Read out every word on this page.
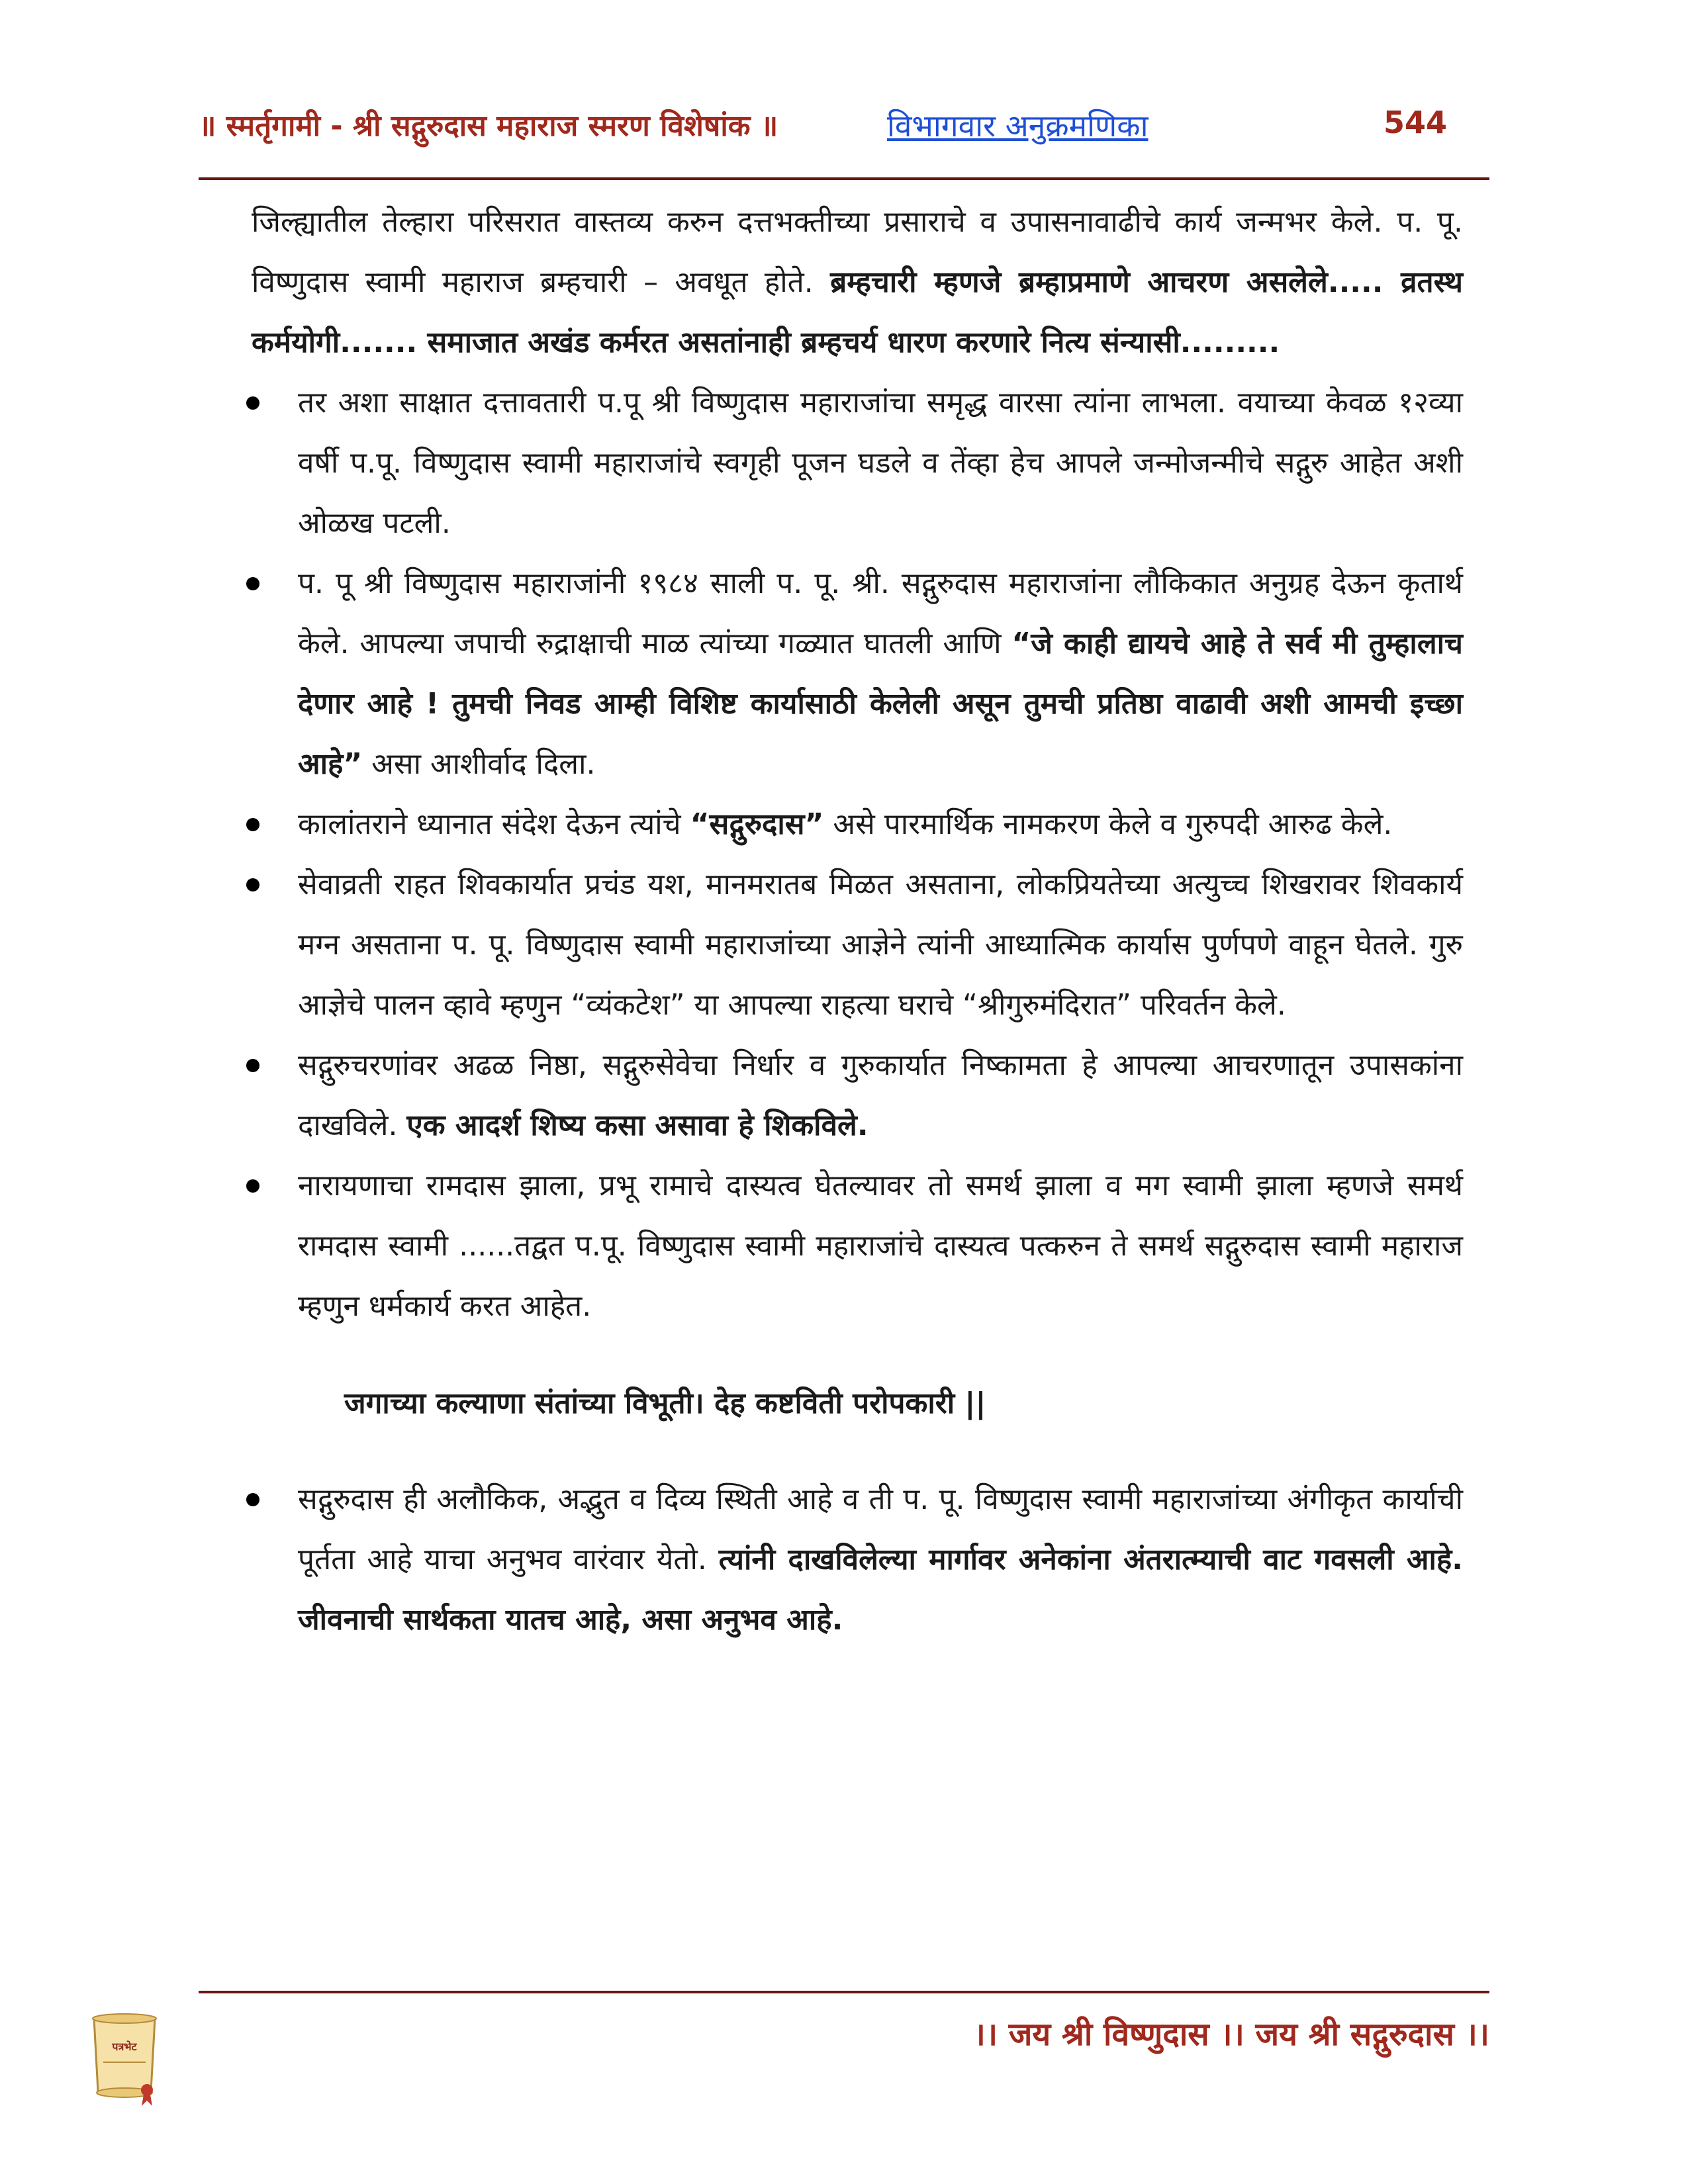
॥ स्मर्तृगामी - श्री सद्गुरुदास महाराज स्मरण विशेषांक ॥	विभागवार अनुक्रमणिका	544

जिल्ह्यातील तेल्हारा परिसरात वास्तव्य करुन दत्तभक्तीच्या प्रसाराचे व उपासनावाढीचे कार्य जन्मभर केले. प. पू. विष्णुदास स्वामी महाराज ब्रम्हचारी – अवधूत होते. ब्रम्हचारी म्हणजे ब्रम्हाप्रमाणे आचरण असलेले..... व्रतस्थ कर्मयोगी....... समाजात अखंड कर्मरत असतांनाही ब्रम्हचर्य धारण करणारे नित्य संन्यासी.........

तर अशा साक्षात दत्तावतारी प.पू श्री विष्णुदास महाराजांचा समृद्ध वारसा त्यांना लाभला. वयाच्या केवळ १२व्या वर्षी प.पू. विष्णुदास स्वामी महाराजांचे स्वगृही पूजन घडले व तेंव्हा हेच आपले जन्मोजन्मीचे सद्गुरु आहेत अशी ओळख पटली.

प. पू श्री विष्णुदास महाराजांनी १९८४ साली प. पू. श्री. सद्गुरुदास महाराजांना लौकिकात अनुग्रह देऊन कृतार्थ केले. आपल्या जपाची रुद्राक्षाची माळ त्यांच्या गळ्यात घातली आणि “जे काही द्यायचे आहे ते सर्व मी तुम्हालाच देणार आहे ! तुमची निवड आम्ही विशिष्ट कार्यासाठी केलेली असून तुमची प्रतिष्ठा वाढावी अशी आमची इच्छा आहे” असा आशीर्वाद दिला.

कालांतराने ध्यानात संदेश देऊन त्यांचे “सद्गुरुदास” असे पारमार्थिक नामकरण केले व गुरुपदी आरुढ केले.

सेवाव्रती राहत शिवकार्यात प्रचंड यश, मानमरातब मिळत असताना, लोकप्रियतेच्या अत्युच्च शिखरावर शिवकार्य मग्न असताना प. पू. विष्णुदास स्वामी महाराजांच्या आज्ञेने त्यांनी आध्यात्मिक कार्यास पुर्णपणे वाहून घेतले. गुरु आज्ञेचे पालन व्हावे म्हणुन “व्यंकटेश” या आपल्या राहत्या घराचे “श्रीगुरुमंदिरात” परिवर्तन केले.

सद्गुरुचरणांवर अढळ निष्ठा, सद्गुरुसेवेचा निर्धार व गुरुकार्यात निष्कामता हे आपल्या आचरणातून उपासकांना दाखविले. एक आदर्श शिष्य कसा असावा हे शिकविले.

नारायणाचा रामदास झाला, प्रभू रामाचे दास्यत्व घेतल्यावर तो समर्थ झाला व मग स्वामी झाला म्हणजे समर्थ रामदास स्वामी ......तद्वत प.पू. विष्णुदास स्वामी महाराजांचे दास्यत्व पत्करुन ते समर्थ सद्गुरुदास स्वामी महाराज म्हणुन धर्मकार्य करत आहेत.

जगाच्या कल्याणा संतांच्या विभूती। देह कष्टविती परोपकारी ||

सद्गुरुदास ही अलौकिक, अद्भुत व दिव्य स्थिती आहे व ती प. पू. विष्णुदास स्वामी महाराजांच्या अंगीकृत कार्याची पूर्तता आहे याचा अनुभव वारंवार येतो. त्यांनी दाखविलेल्या मार्गावर अनेकांना अंतरात्म्याची वाट गवसली आहे. जीवनाची सार्थकता यातच आहे, असा अनुभव आहे.

पत्रभेट	।। जय श्री विष्णुदास ।। जय श्री सद्गुरुदास ।।
